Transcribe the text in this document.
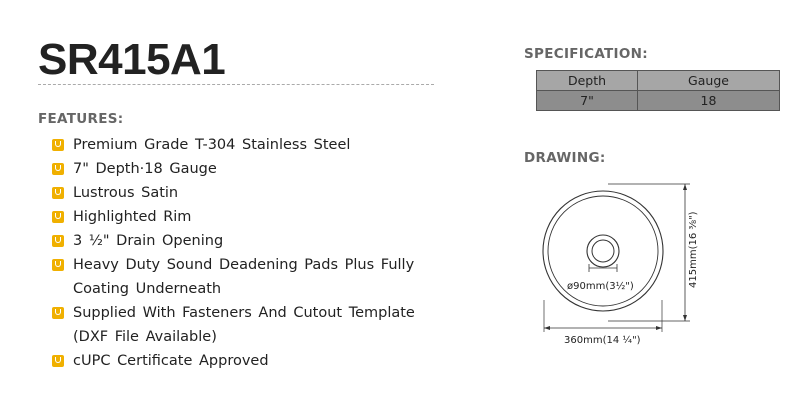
SR415A1
FEATURES:
Premium Grade T-304 Stainless Steel
7" Depth·18 Gauge
Lustrous Satin
Highlighted Rim
3 ½" Drain Opening
Heavy Duty Sound Deadening Pads Plus Fully Coating Underneath
Supplied With Fasteners And Cutout Template (DXF File Available)
cUPC Certificate Approved
SPECIFICATION:
Depth	Gauge
7"	18
DRAWING:
ø90mm(3½")
360mm(14 ¼")
415mm(16 ⅜")
